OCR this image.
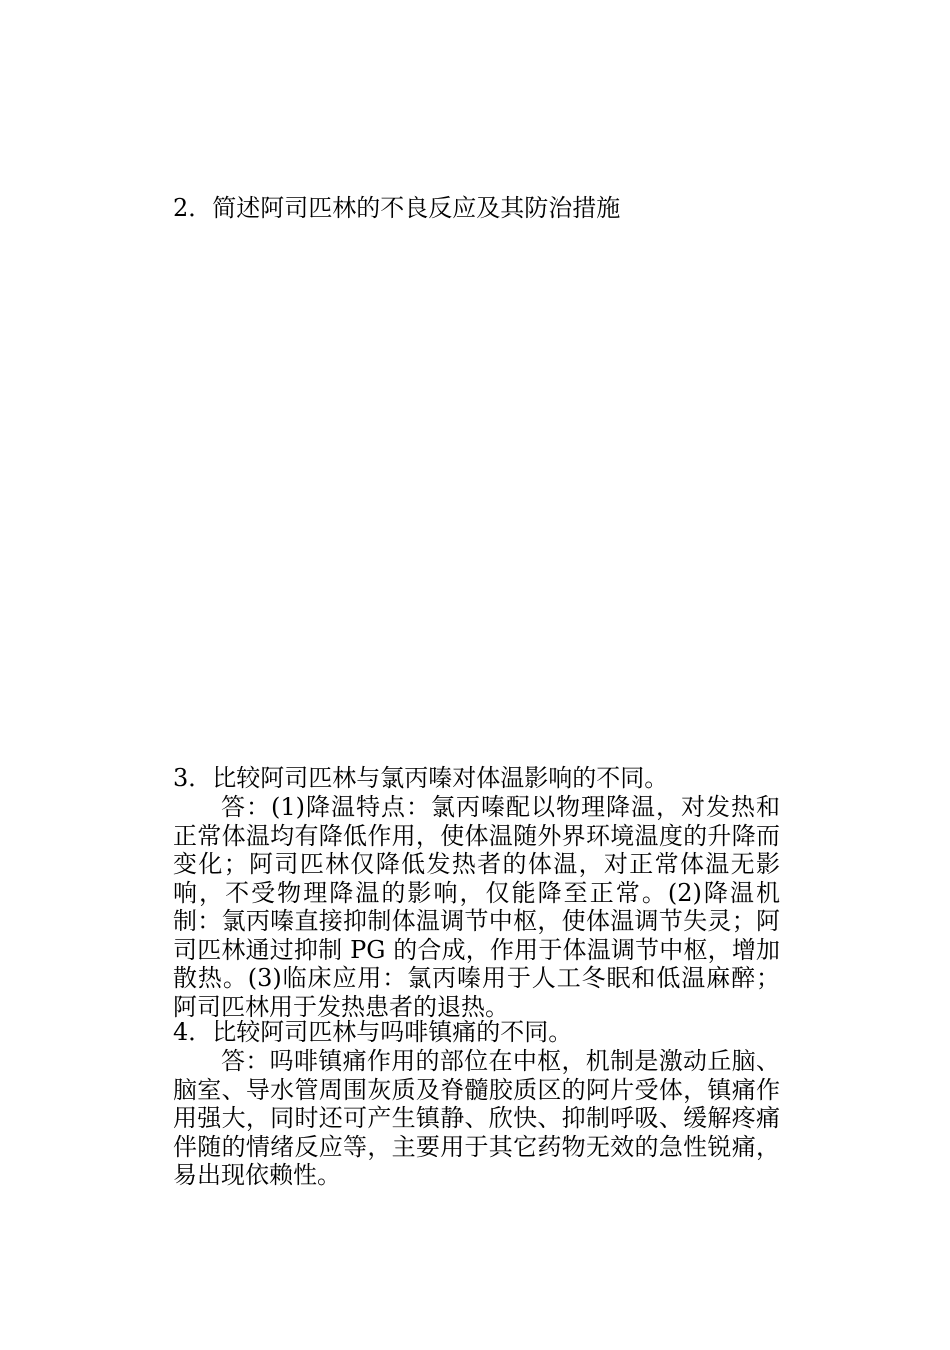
2．简述阿司匹林的不良反应及其防治措施
3．比较阿司匹林与氯丙嗪对体温影响的不同。

答：(1)降温特点：氯丙嗪配以物理降温，对发热和正常体温均有降低作用，使体温随外界环境温度的升降而变化；阿司匹林仅降低发热者的体温，对正常体温无影响，不受物理降温的影响，仅能降至正常。(2)降温机制：氯丙嗪直接抑制体温调节中枢，使体温调节失灵；阿司匹林通过抑制 PG 的合成，作用于体温调节中枢，增加散热。(3)临床应用：氯丙嗪用于人工冬眠和低温麻醉；阿司匹林用于发热患者的退热。

4．比较阿司匹林与吗啡镇痛的不同。

答：吗啡镇痛作用的部位在中枢，机制是激动丘脑、脑室、导水管周围灰质及脊髓胶质区的阿片受体，镇痛作用强大，同时还可产生镇静、欣快、抑制呼吸、缓解疼痛伴随的情绪反应等，主要用于其它药物无效的急性锐痛，易出现依赖性。
